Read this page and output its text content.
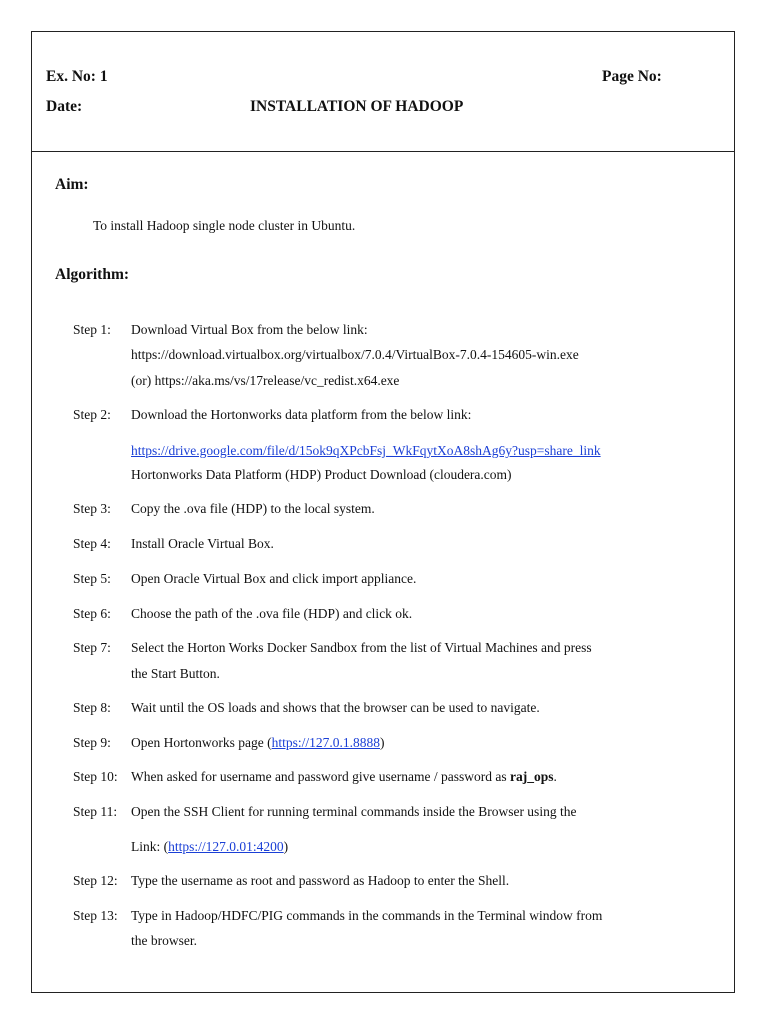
Ex. No: 1	Page No:
Date:	INSTALLATION OF HADOOP
Aim:
To install Hadoop single node cluster in Ubuntu.
Algorithm:
Step 1: Download Virtual Box from the below link:
https://download.virtualbox.org/virtualbox/7.0.4/VirtualBox-7.0.4-154605-win.exe
(or) https://aka.ms/vs/17release/vc_redist.x64.exe
Step 2: Download the Hortonworks data platform from the below link:
https://drive.google.com/file/d/15ok9qXPcbFsj_WkFqytXoA8shAg6y?usp=share_link
Hortonworks Data Platform (HDP) Product Download (cloudera.com)
Step 3: Copy the .ova file (HDP) to the local system.
Step 4: Install Oracle Virtual Box.
Step 5: Open Oracle Virtual Box and click import appliance.
Step 6: Choose the path of the .ova file (HDP) and click ok.
Step 7: Select the Horton Works Docker Sandbox from the list of Virtual Machines and press
the Start Button.
Step 8: Wait until the OS loads and shows that the browser can be used to navigate.
Step 9: Open Hortonworks page (https://127.0.1.8888)
Step 10: When asked for username and password give username / password as raj_ops.
Step 11: Open the SSH Client for running terminal commands inside the Browser using the
Link: (https://127.0.01:4200)
Step 12: Type the username as root and password as Hadoop to enter the Shell.
Step 13: Type in Hadoop/HDFC/PIG commands in the commands in the Terminal window from
the browser.
